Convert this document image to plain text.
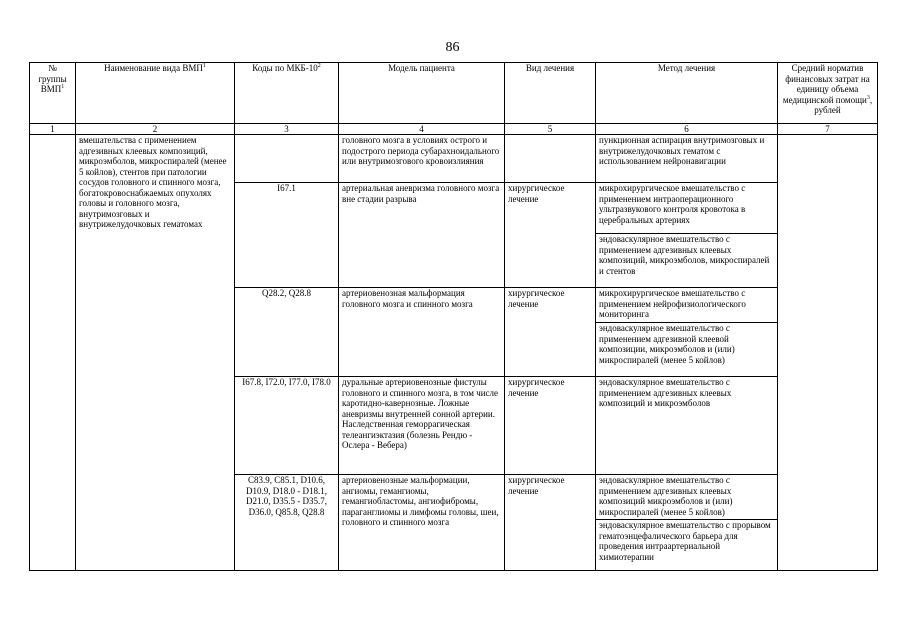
86
№
группы
ВМП$^1$	Наименование вида ВМП$^1$	Коды по МКБ-$10^2$	Модель пациента	Вид лечения	Метод лечения	Средний норматив финансовых затрат на единицу объема медицинской помощи$^3$, рублей
1	2	3	4	5	6	7
	вмешательства с применением адгезивных клеевых композиций, микроэмболов, микроспиралей (менее 5 койлов), стентов при патологии сосудов головного и спинного мозга, богатокровоснабжаемых опухолях головы и головного мозга, внутримозговых и внутрижелудочковых гематомах		головного мозга в условиях острого и подострого периода субарахноидального или внутримозгового кровоизлияния		пункционная аспирация внутримозговых и внутрижелудочковых гематом с использованием нейронавигации	

		I67.1	артериальная аневризма головного мозга вне стадии разрыва	хирургическое лечение	микрохирургическое вмешательство с применением интраоперационного ультразвукового контроля кровотока в церебральных артериях
эндоваскулярное вмешательство с применением адгезивных клеевых композиций, микроэмболов, микроспиралей и стентов	

		Q28.2, Q28.8	артериовенозная мальформация головного мозга и спинного мозга	хирургическое лечение	микрохирургическое вмешательство с применением нейрофизиологического мониторинга
эндоваскулярное вмешательство с применением адгезивной клеевой композиции, микроэмболов и (или) микроспиралей (менее 5 койлов)	

		I67.8, I72.0, I77.0, I78.0	дуральные артериовенозные фистулы головного и спинного мозга, в том числе каротидно-кавернозные. Ложные аневризмы внутренней сонной артерии. Наследственная геморрагическая телеангиэктазия (болезнь Рендю - Ослера - Вебера)	хирургическое лечение	эндоваскулярное вмешательство с применением адгезивных клеевых композиций и микроэмболов	

		C83.9, C85.1, D10.6, D10.9, D18.0 - D18.1, D21.0, D35.5 - D35.7, D36.0, Q85.8, Q28.8	артериовенозные мальформации, ангиомы, гемангиомы, гемангиобластомы, ангиофибромы, параганглиомы и лимфомы головы, шеи, головного и спинного мозга	хирургическое лечение	эндоваскулярное вмешательство с применением адгезивных клеевых композиций микроэмболов и (или) микроспиралей (менее 5 койлов)
эндоваскулярное вмешательство с прорывом гематоэнцефалического барьера для проведения интраартериальной химиотерапии	
